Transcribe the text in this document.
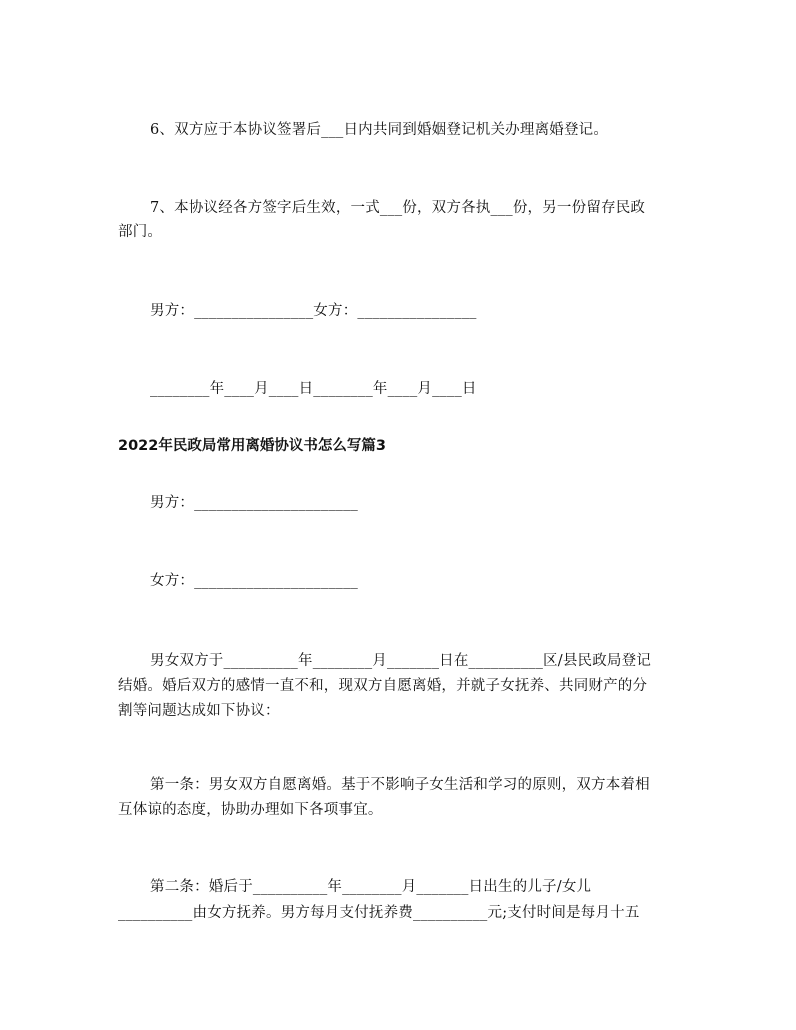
6、双方应于本协议签署后___日内共同到婚姻登记机关办理离婚登记。
7、本协议经各方签字后生效，一式___份，双方各执___份，另一份留存民政
部门。
男方：________________女方：________________
________年____月____日________年____月____日
2022年民政局常用离婚协议书怎么写篇3
男方：______________________
女方：______________________
男女双方于__________年________月_______日在__________区/县民政局登记
结婚。婚后双方的感情一直不和，现双方自愿离婚，并就子女抚养、共同财产的分
割等问题达成如下协议：
第一条：男女双方自愿离婚。基于不影响子女生活和学习的原则，双方本着相
互体谅的态度，协助办理如下各项事宜。
第二条：婚后于__________年________月_______日出生的儿子/女儿
__________由女方抚养。男方每月支付抚养费__________元;支付时间是每月十五
